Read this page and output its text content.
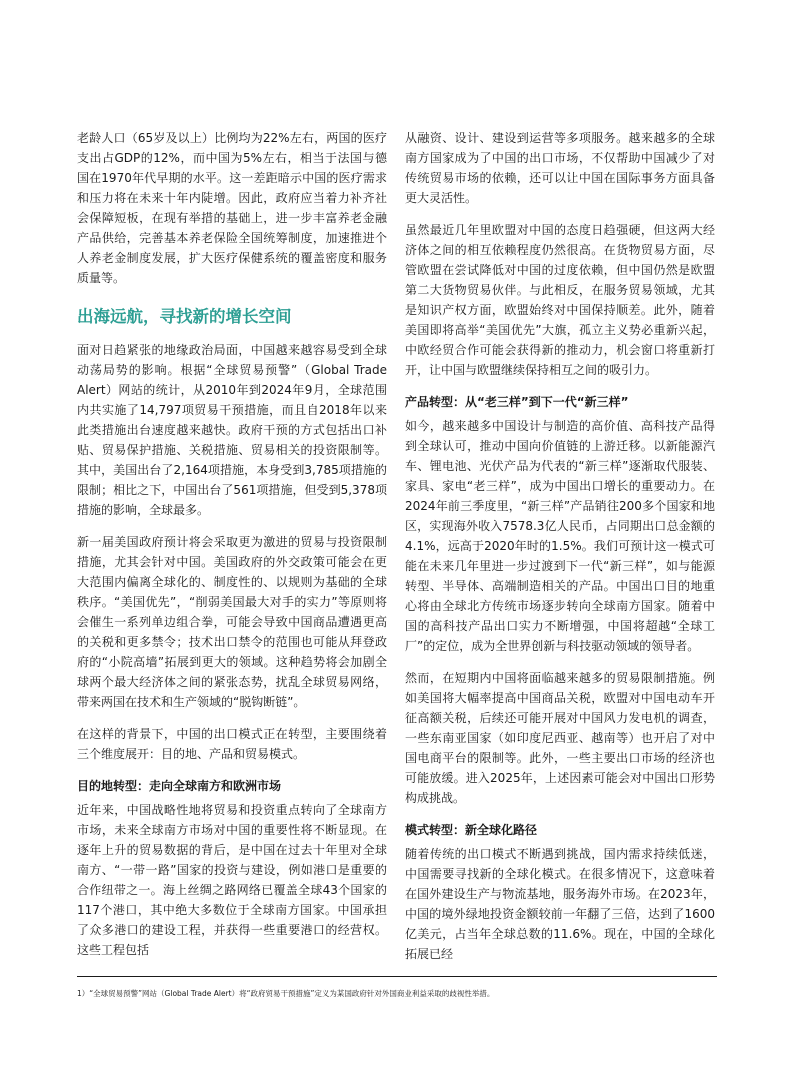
老龄人口（65岁及以上）比例均为22%左右，两国的医疗支出占GDP的12%，而中国为5%左右，相当于法国与德国在1970年代早期的水平。这一差距暗示中国的医疗需求和压力将在未来十年内陡增。因此，政府应当着力补齐社会保障短板，在现有举措的基础上，进一步丰富养老金融产品供给，完善基本养老保险全国统筹制度，加速推进个人养老金制度发展，扩大医疗保健系统的覆盖密度和服务质量等。

出海远航，寻找新的增长空间

面对日趋紧张的地缘政治局面，中国越来越容易受到全球动荡局势的影响。根据“全球贸易预警”（Global Trade Alert）网站的统计，从2010年到2024年9月，全球范围内共实施了14,797项贸易干预措施，而且自2018年以来此类措施出台速度越来越快。政府干预的方式包括出口补贴、贸易保护措施、关税措施、贸易相关的投资限制等。其中，美国出台了2,164项措施，本身受到3,785项措施的限制；相比之下，中国出台了561项措施，但受到5,378项措施的影响，全球最多。

新一届美国政府预计将会采取更为激进的贸易与投资限制措施，尤其会针对中国。美国政府的外交政策可能会在更大范围内偏离全球化的、制度性的、以规则为基础的全球秩序。“美国优先”，“削弱美国最大对手的实力”等原则将会催生一系列单边组合拳，可能会导致中国商品遭遇更高的关税和更多禁令；技术出口禁令的范围也可能从拜登政府的“小院高墙”拓展到更大的领域。这种趋势将会加剧全球两个最大经济体之间的紧张态势，扰乱全球贸易网络，带来两国在技术和生产领域的“脱钩断链”。

在这样的背景下，中国的出口模式正在转型，主要围绕着三个维度展开：目的地、产品和贸易模式。

目的地转型：走向全球南方和欧洲市场

近年来，中国战略性地将贸易和投资重点转向了全球南方市场，未来全球南方市场对中国的重要性将不断显现。在逐年上升的贸易数据的背后，是中国在过去十年里对全球南方、“一带一路”国家的投资与建设，例如港口是重要的合作纽带之一。海上丝绸之路网络已覆盖全球43个国家的117个港口，其中绝大多数位于全球南方国家。中国承担了众多港口的建设工程，并获得一些重要港口的经营权。这些工程包括

从融资、设计、建设到运营等多项服务。越来越多的全球南方国家成为了中国的出口市场，不仅帮助中国减少了对传统贸易市场的依赖，还可以让中国在国际事务方面具备更大灵活性。

虽然最近几年里欧盟对中国的态度日趋强硬，但这两大经济体之间的相互依赖程度仍然很高。在货物贸易方面，尽管欧盟在尝试降低对中国的过度依赖，但中国仍然是欧盟第二大货物贸易伙伴。与此相反，在服务贸易领域，尤其是知识产权方面，欧盟始终对中国保持顺差。此外，随着美国即将高举“美国优先”大旗，孤立主义势必重新兴起，中欧经贸合作可能会获得新的推动力，机会窗口将重新打开，让中国与欧盟继续保持相互之间的吸引力。

产品转型：从“老三样”到下一代“新三样”

如今，越来越多中国设计与制造的高价值、高科技产品得到全球认可，推动中国向价值链的上游迁移。以新能源汽车、锂电池、光伏产品为代表的“新三样”逐渐取代服装、家具、家电“老三样”，成为中国出口增长的重要动力。在2024年前三季度里，“新三样”产品销往200多个国家和地区，实现海外收入7578.3亿人民币，占同期出口总金额的4.1%，远高于2020年时的1.5%。我们可预计这一模式可能在未来几年里进一步过渡到下一代“新三样”，如与能源转型、半导体、高端制造相关的产品。中国出口目的地重心将由全球北方传统市场逐步转向全球南方国家。随着中国的高科技产品出口实力不断增强，中国将超越“全球工厂”的定位，成为全世界创新与科技驱动领域的领导者。

然而，在短期内中国将面临越来越多的贸易限制措施。例如美国将大幅率提高中国商品关税，欧盟对中国电动车开征高额关税，后续还可能开展对中国风力发电机的调查，一些东南亚国家（如印度尼西亚、越南等）也开启了对中国电商平台的限制等。此外，一些主要出口市场的经济也可能放缓。进入2025年，上述因素可能会对中国出口形势构成挑战。

模式转型：新全球化路径

随着传统的出口模式不断遇到挑战，国内需求持续低迷，中国需要寻找新的全球化模式。在很多情况下，这意味着在国外建设生产与物流基地，服务海外市场。在2023年，中国的境外绿地投资金额较前一年翻了三倍，达到了1600亿美元，占当年全球总数的11.6%。现在，中国的全球化拓展已经

1）“全球贸易预警”网站（Global Trade Alert）将“政府贸易干预措施”定义为某国政府针对外国商业利益采取的歧视性举措。
